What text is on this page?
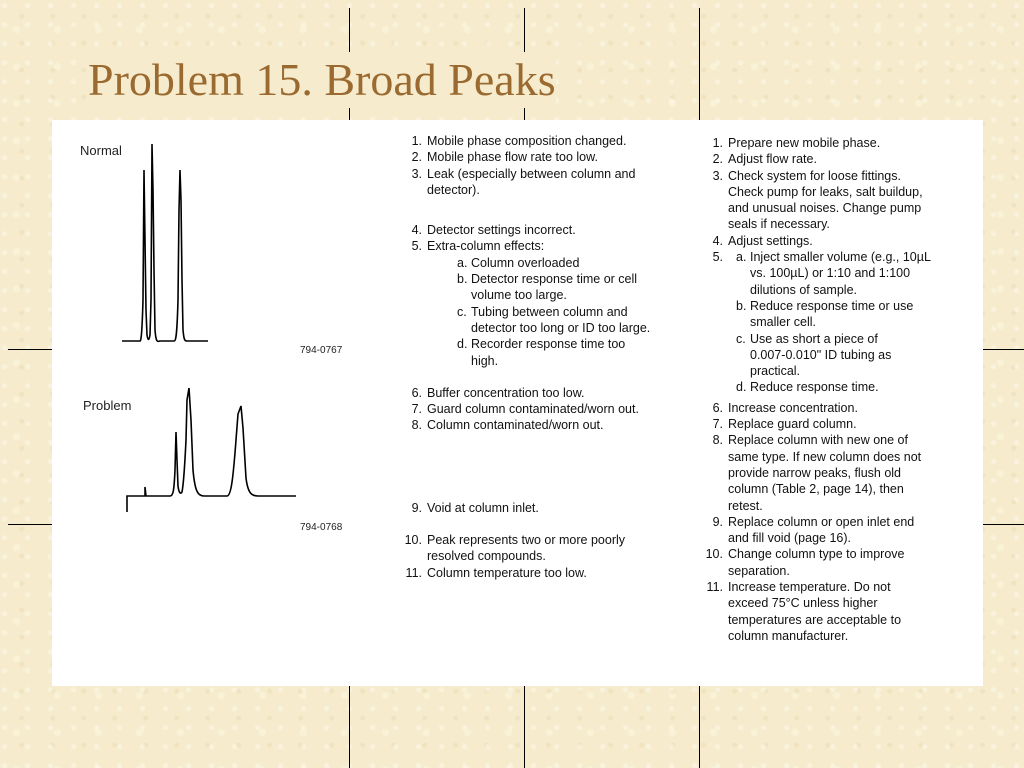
Problem 15. Broad Peaks
Normal
794-0767
Problem
794-0768
1. Mobile phase composition changed.
2. Mobile phase flow rate too low.
3. Leak (especially between column and
detector).
4. Detector settings incorrect.
5. Extra-column effects:
a. Column overloaded
b. Detector response time or cell
volume too large.
c. Tubing between column and
detector too long or ID too large.
d. Recorder response time too
high.
6. Buffer concentration too low.
7. Guard column contaminated/worn out.
8. Column contaminated/worn out.
9. Void at column inlet.
10. Peak represents two or more poorly
resolved compounds.
11. Column temperature too low.
1. Prepare new mobile phase.
2. Adjust flow rate.
3. Check system for loose fittings.
Check pump for leaks, salt buildup,
and unusual noises. Change pump
seals if necessary.
4. Adjust settings.
5. a. Inject smaller volume (e.g., 10µL
vs. 100µL) or 1:10 and 1:100
dilutions of sample.
b. Reduce response time or use
smaller cell.
c. Use as short a piece of
0.007-0.010" ID tubing as
practical.
d. Reduce response time.
6. Increase concentration.
7. Replace guard column.
8. Replace column with new one of
same type. If new column does not
provide narrow peaks, flush old
column (Table 2, page 14), then
retest.
9. Replace column or open inlet end
and fill void (page 16).
10. Change column type to improve
separation.
11. Increase temperature. Do not
exceed 75°C unless higher
temperatures are acceptable to
column manufacturer.
